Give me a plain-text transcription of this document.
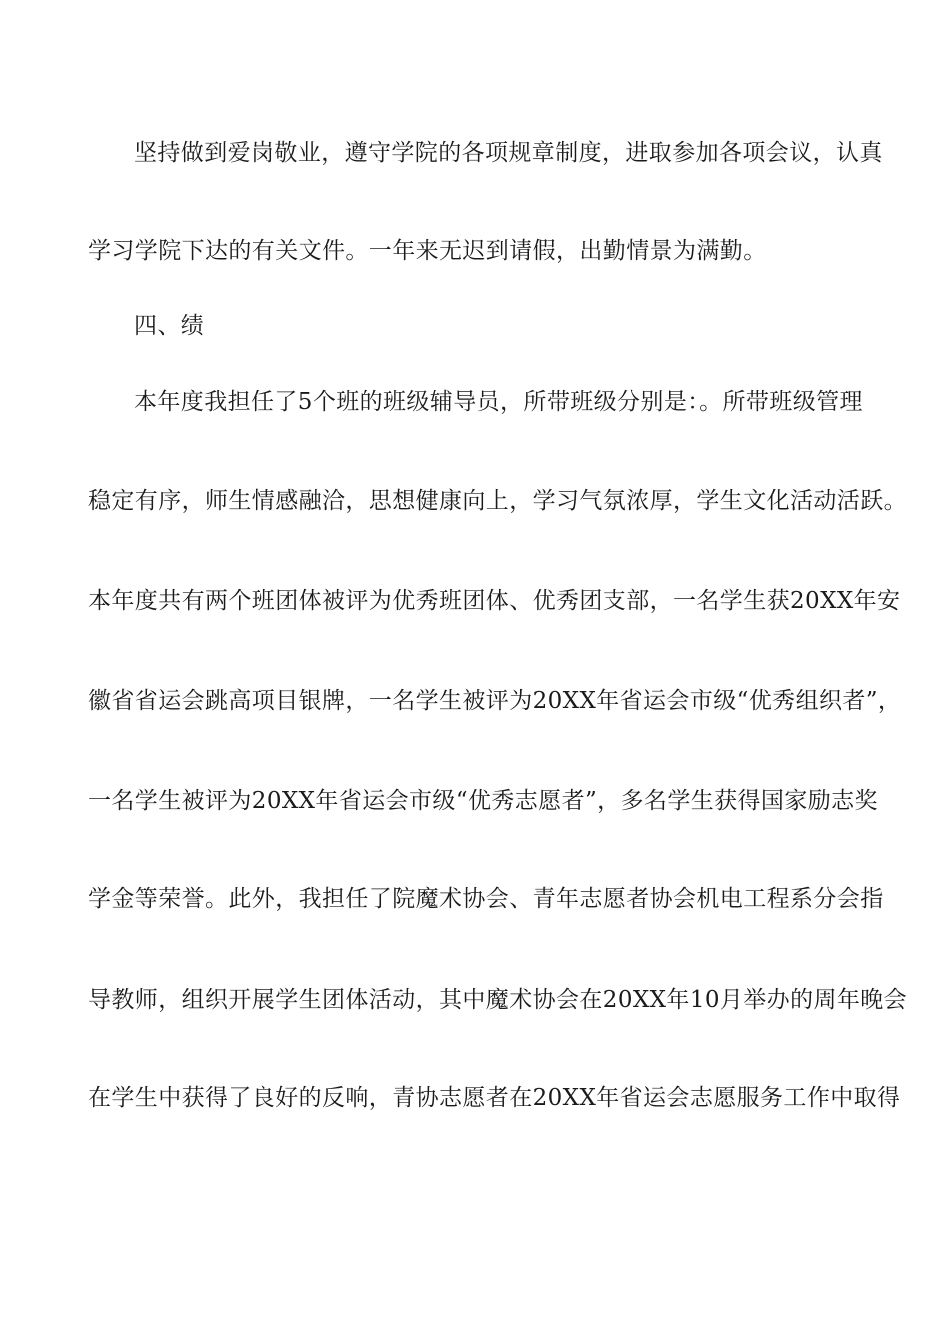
坚持做到爱岗敬业，遵守学院的各项规章制度，进取参加各项会议，认真
学习学院下达的有关文件。一年来无迟到请假，出勤情景为满勤。
四、绩
本年度我担任了5个班的班级辅导员，所带班级分别是：。所带班级管理
稳定有序，师生情感融洽，思想健康向上，学习气氛浓厚，学生文化活动活跃。
本年度共有两个班团体被评为优秀班团体、优秀团支部，一名学生获20XX年安
徽省省运会跳高项目银牌，一名学生被评为20XX年省运会市级“优秀组织者”，
一名学生被评为20XX年省运会市级“优秀志愿者”，多名学生获得国家励志奖
学金等荣誉。此外，我担任了院魔术协会、青年志愿者协会机电工程系分会指
导教师，组织开展学生团体活动，其中魔术协会在20XX年10月举办的周年晚会
在学生中获得了良好的反响，青协志愿者在20XX年省运会志愿服务工作中取得
